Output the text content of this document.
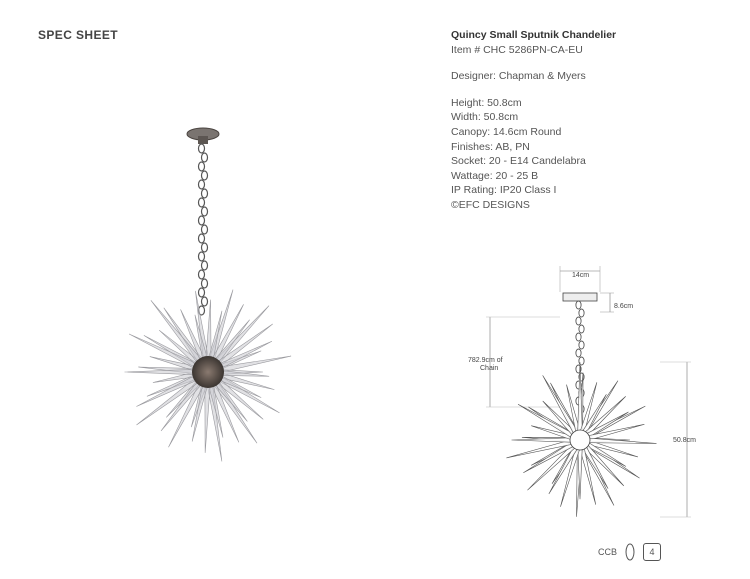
SPEC SHEET	Quincy Small Sputnik Chandelier
Item # CHC 5286PN-CA-EU
Designer: Chapman & Myers
Height: 50.8cm
Width: 50.8cm
Canopy: 14.6cm Round
Finishes: AB, PN
Socket: 20 - E14 Candelabra
Wattage: 20 - 25 B
IP Rating: IP20 Class I
©EFC DESIGNS
14cm
8.6cm
782.9cm of
Chain
50.8cm
CCB	4
